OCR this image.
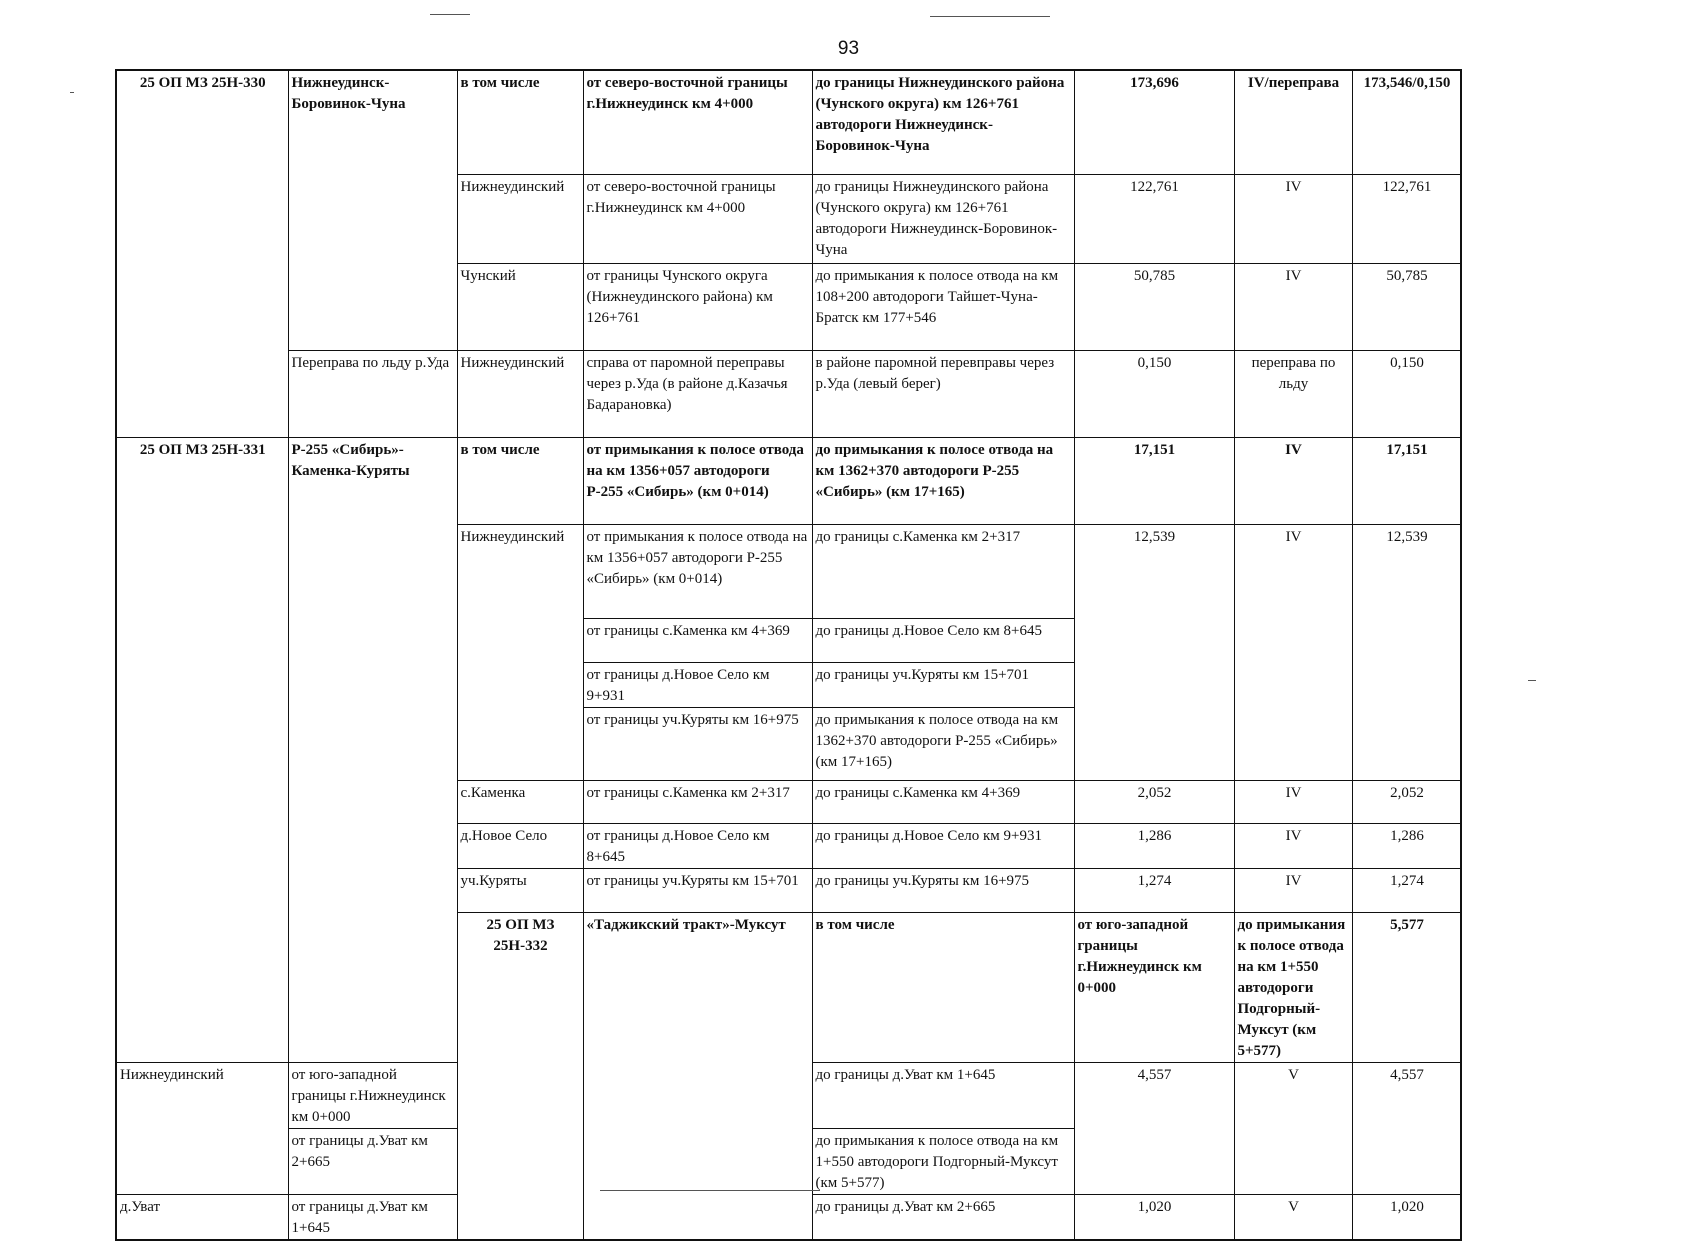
93
25 ОП МЗ 25Н-330	Нижнеудинск-Боровинок-Чуна	в том числе	от северо-восточной границы г.Нижнеудинск км 4+000	до границы Нижнеудинского района (Чунского округа) км 126+761 автодороги Нижнеудинск-Боровинок-Чуна	173,696	IV/переправа	173,546/0,150	
		Нижнеудинский	от северо-восточной границы г.Нижнеудинск км 4+000	до границы Нижнеудинского района (Чунского округа) км 126+761 автодороги Нижнеудинск-Боровинок-Чуна	122,761	IV	122,761	
		Чунский	от границы Чунского округа (Нижнеудинского района) км 126+761	до примыкания к полосе отвода на км 108+200 автодороги Тайшет-Чуна-Братск км 177+546	50,785	IV	50,785	
	Переправа по льду р.Уда	Нижнеудинский	справа от паромной переправы через р.Уда (в районе д.Казачья Бадарановка)	в районе паромной перевправы через р.Уда (левый берег)	0,150	переправа по льду	0,150	
25 ОП МЗ 25Н-331	Р-255 «Сибирь»-Каменка-Куряты	в том числе	от примыкания к полосе отвода на км 1356+057 автодороги Р-255 «Сибирь» (км 0+014)	до примыкания к полосе отвода на км 1362+370 автодороги Р-255 «Сибирь» (км 17+165)	17,151	IV	17,151	
		Нижнеудинский	от примыкания к полосе отвода на км 1356+057 автодороги Р-255 «Сибирь» (км 0+014)	до границы с.Каменка км 2+317	12,539	IV	12,539	
			от границы с.Каменка км 4+369	до границы д.Новое Село км 8+645				
			от границы д.Новое Село км 9+931	до границы уч.Куряты км 15+701				
			от границы уч.Куряты км 16+975	до примыкания к полосе отвода на км 1362+370 автодороги Р-255 «Сибирь» (км 17+165)				
		с.Каменка	от границы с.Каменка км 2+317	до границы с.Каменка км 4+369	2,052	IV	2,052	
		д.Новое Село	от границы д.Новое Село км 8+645	до границы д.Новое Село км 9+931	1,286	IV	1,286	
		уч.Куряты	от границы уч.Куряты км 15+701	до границы уч.Куряты км 16+975	1,274	IV	1,274	
		25 ОП МЗ 25Н-332	«Таджикский тракт»-Муксут	в том числе	от юго-западной границы г.Нижнеудинск км 0+000	до примыкания к полосе отвода на км 1+550 автодороги Подгорный-Муксут (км 5+577)	5,577		
Нижнеудинский	от юго-западной границы г.Нижнеудинск км 0+000			до границы д.Уват км 1+645	4,557	V	4,557	
	от границы д.Уват км 2+665			до примыкания к полосе отвода на км 1+550 автодороги Подгорный-Муксут (км 5+577)				
д.Уват	от границы д.Уват км 1+645			до границы д.Уват км 2+665	1,020	V	1,020	
